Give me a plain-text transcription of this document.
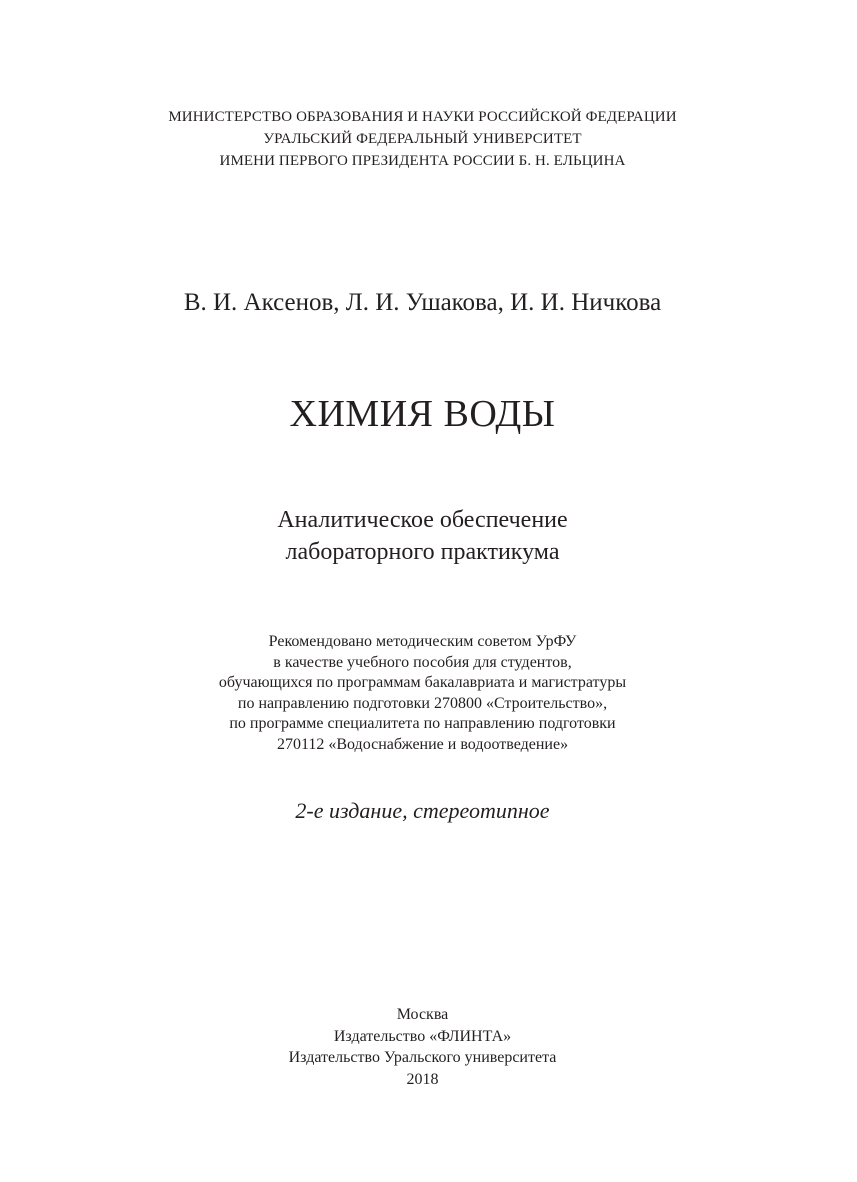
МИНИСТЕРСТВО ОБРАЗОВАНИЯ И НАУКИ РОССИЙСКОЙ ФЕДЕРАЦИИ
УРАЛЬСКИЙ ФЕДЕРАЛЬНЫЙ УНИВЕРСИТЕТ
ИМЕНИ ПЕРВОГО ПРЕЗИДЕНТА РОССИИ Б. Н. ЕЛЬЦИНА
В. И. Аксенов, Л. И. Ушакова, И. И. Ничкова
ХИМИЯ ВОДЫ
Аналитическое обеспечение
лабораторного практикума
Рекомендовано методическим советом УрФУ
в качестве учебного пособия для студентов,
обучающихся по программам бакалавриата и магистратуры
по направлению подготовки 270800 «Строительство»,
по программе специалитета по направлению подготовки
270112 «Водоснабжение и водоотведение»
2-е издание, стереотипное
Москва
Издательство «ФЛИНТА»
Издательство Уральского университета
2018
